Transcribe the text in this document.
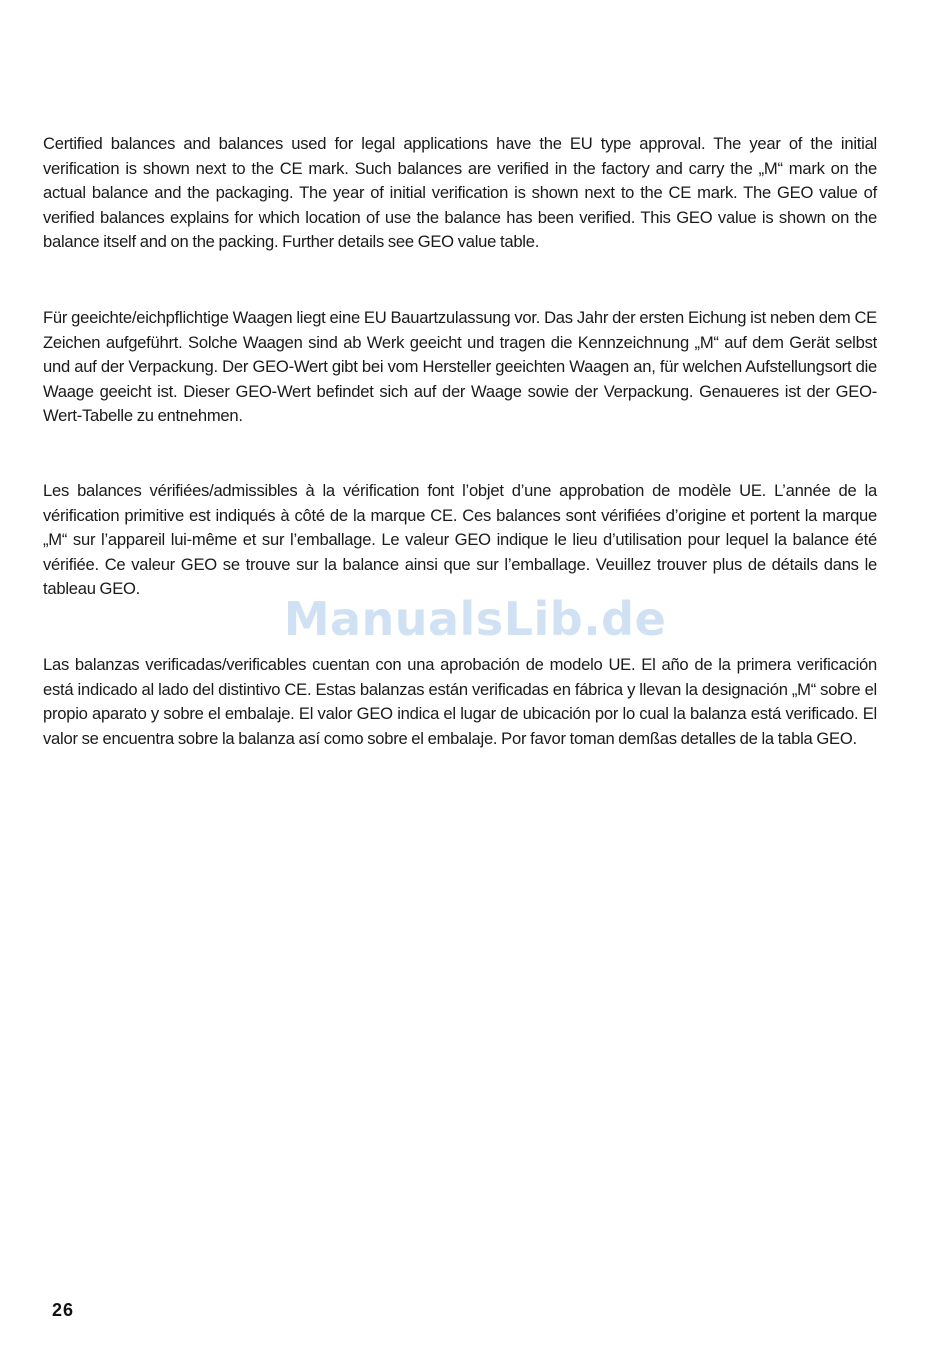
Certified balances and balances used for legal applications have the EU type approval. The year of the initial verification is shown next to the CE mark. Such balances are verified in the factory and carry the „M“ mark on the actual balance and the packaging. The year of initial verification is shown next to the CE mark. The GEO value of verified balances explains for which location of use the balance has been verified. This GEO value is shown on the balance itself and on the packing. Further details see GEO value table.

Für geeichte/eichpflichtige Waagen liegt eine EU Bauartzulassung vor. Das Jahr der ersten Eichung ist neben dem CE Zeichen aufgeführt. Solche Waagen sind ab Werk geeicht und tragen die Kennzeichnung „M“ auf dem Gerät selbst und auf der Verpackung. Der GEO-Wert gibt bei vom Hersteller geeichten Waagen an, für welchen Aufstellungsort die Waage geeicht ist. Dieser GEO-Wert befindet sich auf der Waage sowie der Verpackung. Genaueres ist der GEO-Wert-Tabelle zu entnehmen.

Les balances vérifiées/admissibles à la vérification font l’objet d’une approbation de modèle UE. L’année de la vérification primitive est indiqués à côté de la marque CE. Ces balances sont vérifiées d’origine et portent la marque „M“ sur l’appareil lui-même et sur l’emballage. Le valeur GEO indique le lieu d’utilisation pour lequel la balance été vérifiée. Ce valeur GEO se trouve sur la balance ainsi que sur l’emballage. Veuillez trouver plus de détails dans le tableau GEO.

ManualsLib.de

Las balanzas verificadas/verificables cuentan con una aprobación de modelo UE. El año de la primera verificación está indicado al lado del distintivo CE. Estas balanzas están verificadas en fábrica y llevan la designación „M“ sobre el propio aparato y sobre el embalaje. El valor GEO indica el lugar de ubicación por lo cual la balanza está verificado. El valor se encuentra sobre la balanza así como sobre el embalaje. Por favor toman demßas detalles de la tabla GEO.

26
